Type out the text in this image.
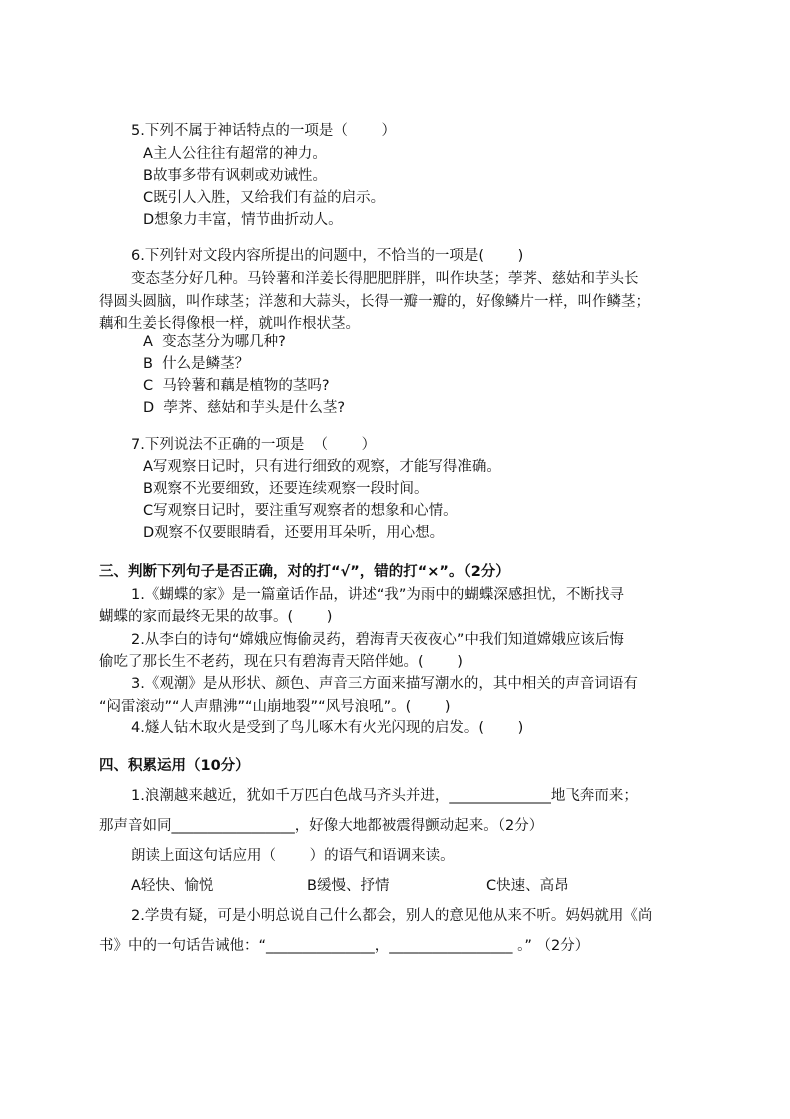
5.下列不属于神话特点的一项是（　　 ）
A主人公往往有超常的神力。
B故事多带有讽刺或劝诫性。
C既引人入胜，又给我们有益的启示。
D想象力丰富，情节曲折动人。
6.下列针对文段内容所提出的问题中，不恰当的一项是(　　 )
变态茎分好几种。马铃薯和洋姜长得肥肥胖胖，叫作块茎；荸荠、慈姑和芋头长
得圆头圆脑，叫作球茎；洋葱和大蒜头，长得一瓣一瓣的，好像鳞片一样，叫作鳞茎；
藕和生姜长得像根一样，就叫作根状茎。
A  变态茎分为哪几种?
B  什么是鳞茎？
C  马铃薯和藕是植物的茎吗?
D  荸荠、慈姑和芋头是什么茎?
7.下列说法不正确的一项是  （　　 ）
A写观察日记时，只有进行细致的观察，才能写得准确。
B观察不光要细致，还要连续观察一段时间。
C写观察日记时，要注重写观察者的想象和心情。
D观察不仅要眼睛看，还要用耳朵听，用心想。
三、判断下列句子是否正确，对的打“√”，错的打“×”。（2分）
1.《蝴蝶的家》是一篇童话作品，讲述“我”为雨中的蝴蝶深感担忧，不断找寻
蝴蝶的家而最终无果的故事。(　　 )
2.从李白的诗句“嫦娥应悔偷灵药，碧海青天夜夜心”中我们知道嫦娥应该后悔
偷吃了那长生不老药，现在只有碧海青天陪伴她。(　　 )
3.《观潮》是从形状、颜色、声音三方面来描写潮水的，其中相关的声音词语有
“闷雷滚动”“人声鼎沸”“山崩地裂”“风号浪吼”。(　　 )
4.燧人钻木取火是受到了鸟儿啄木有火光闪现的启发。(　　 )
四、积累运用（10分）
1.浪潮越来越近，犹如千万匹白色战马齐头并进，______________地飞奔而来；
那声音如同_________________，好像大地都被震得颤动起来。（2分）
朗读上面这句话应用（　　 ）的语气和语调来读。
A轻快、愉悦	B缓慢、抒情	C快速、高昂
2.学贵有疑，可是小明总说自己什么都会，别人的意见他从来不听。妈妈就用《尚
书》中的一句话告诫他：“_______________，_________________ 。” （2分）
